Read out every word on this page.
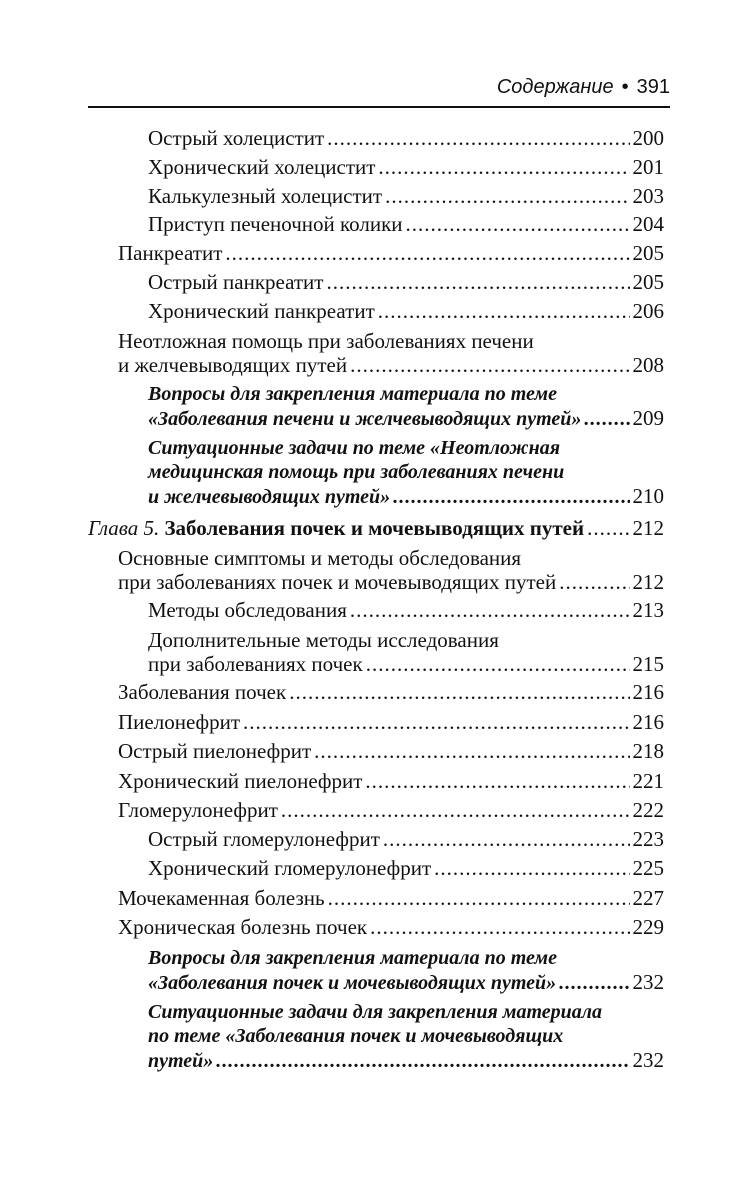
Содержание • 391
Острый холецистит .....	200
Хронический холецистит .....	201
Калькулезный холецистит .....	203
Приступ печеночной колики .....	204
Панкреатит .....	205
Острый панкреатит .....	205
Хронический панкреатит .....	206
Неотложная помощь при заболеваниях печени
и желчевыводящих путей .....	208
Вопросы для закрепления материала по теме
«Заболевания печени и желчевыводящих путей» ..... 209
Ситуационные задачи по теме «Неотложная
медицинская помощь при заболеваниях печени
и желчевыводящих путей» .....	210
Глава 5. Заболевания почек и мочевыводящих путей ..... 212
Основные симптомы и методы обследования
при заболеваниях почек и мочевыводящих путей .....	212
Методы обследования .....	213
Дополнительные методы исследования
при заболеваниях почек .....	215
Заболевания почек .....	216
Пиелонефрит .....	216
Острый пиелонефрит .....	218
Хронический пиелонефрит .....	221
Гломерулонефрит .....	222
Острый гломерулонефрит .....	223
Хронический гломерулонефрит .....	225
Мочекаменная болезнь .....	227
Хроническая болезнь почек .....	229
Вопросы для закрепления материала по теме
«Заболевания почек и мочевыводящих путей» .....	232
Ситуационные задачи для закрепления материала
по теме «Заболевания почек и мочевыводящих
путей» .....	232
